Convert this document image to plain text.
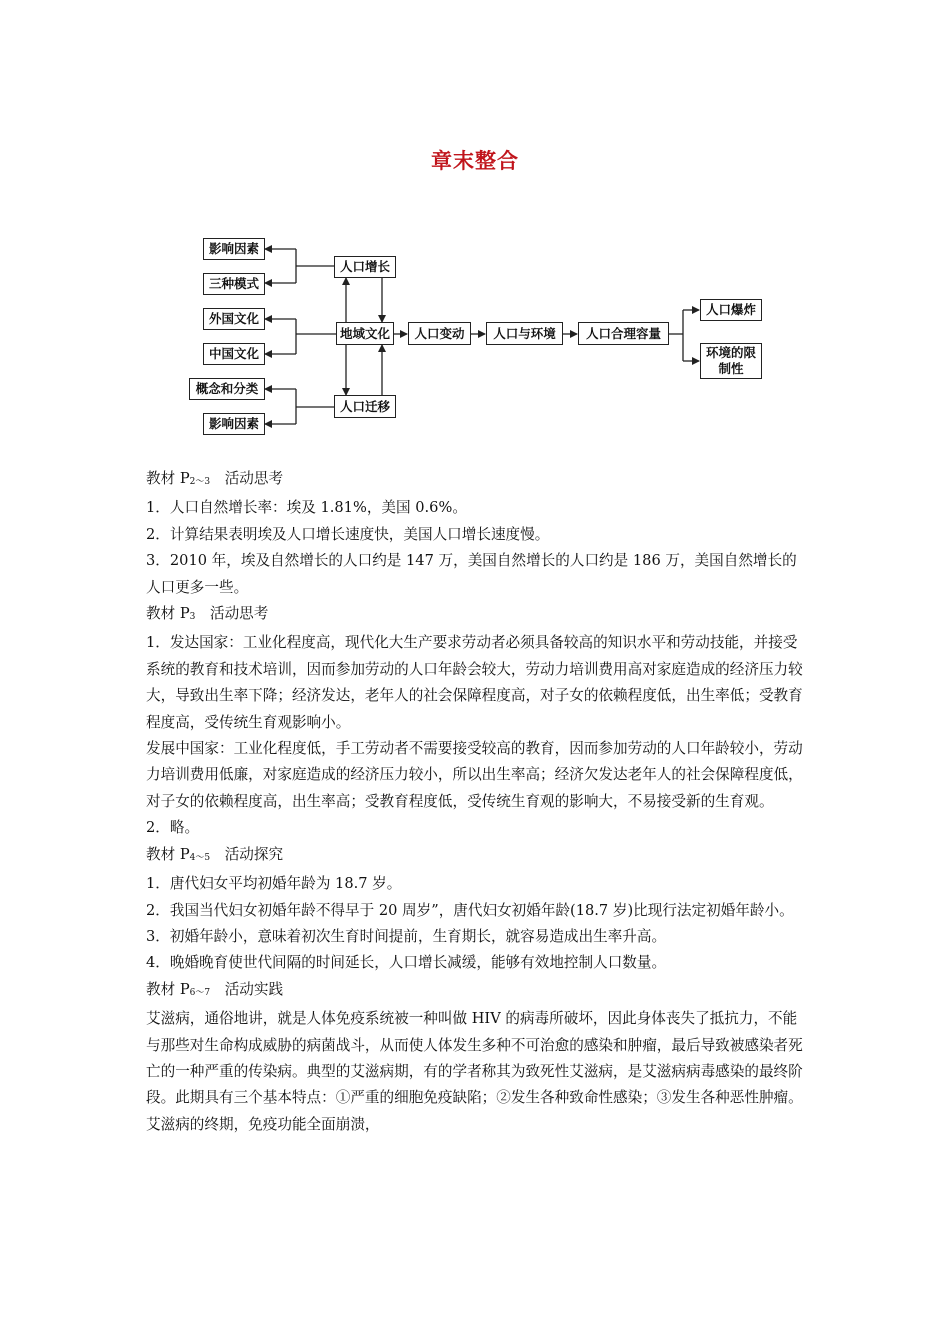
章末整合
影响因素
三种模式
外国文化
中国文化
概念和分类
影响因素
人口增长
地域文化
人口迁移
人口变动	人口与环境	人口合理容量
人口爆炸
环境的限制性

教材 $P_{2\sim 3}$　活动思考

1．人口自然增长率：埃及 1.81%，美国 0.6%。

2．计算结果表明埃及人口增长速度快，美国人口增长速度慢。

3．2010 年，埃及自然增长的人口约是 147 万，美国自然增长的人口约是 186 万，美国自然增长的人口更多一些。

教材 $P_3$　活动思考

1．发达国家：工业化程度高，现代化大生产要求劳动者必须具备较高的知识水平和劳动技能，并接受系统的教育和技术培训，因而参加劳动的人口年龄会较大，劳动力培训费用高对家庭造成的经济压力较大，导致出生率下降；经济发达，老年人的社会保障程度高，对子女的依赖程度低，出生率低；受教育程度高，受传统生育观影响小。

发展中国家：工业化程度低，手工劳动者不需要接受较高的教育，因而参加劳动的人口年龄较小，劳动力培训费用低廉，对家庭造成的经济压力较小，所以出生率高；经济欠发达老年人的社会保障程度低，对子女的依赖程度高，出生率高；受教育程度低，受传统生育观的影响大，不易接受新的生育观。

2．略。

教材 $P_{4\sim 5}$　活动探究

1．唐代妇女平均初婚年龄为 18.7 岁。

2．我国当代妇女初婚年龄不得早于 20 周岁”，唐代妇女初婚年龄(18.7 岁)比现行法定初婚年龄小。

3．初婚年龄小，意味着初次生育时间提前，生育期长，就容易造成出生率升高。

4．晚婚晚育使世代间隔的时间延长，人口增长减缓，能够有效地控制人口数量。

教材 $P_{6\sim 7}$　活动实践

艾滋病，通俗地讲，就是人体免疫系统被一种叫做 HIV 的病毒所破坏，因此身体丧失了抵抗力，不能与那些对生命构成威胁的病菌战斗，从而使人体发生多种不可治愈的感染和肿瘤，最后导致被感染者死亡的一种严重的传染病。典型的艾滋病期，有的学者称其为致死性艾滋病，是艾滋病病毒感染的最终阶段。此期具有三个基本特点：①严重的细胞免疫缺陷；②发生各种致命性感染；③发生各种恶性肿瘤。艾滋病的终期，免疫功能全面崩溃，
